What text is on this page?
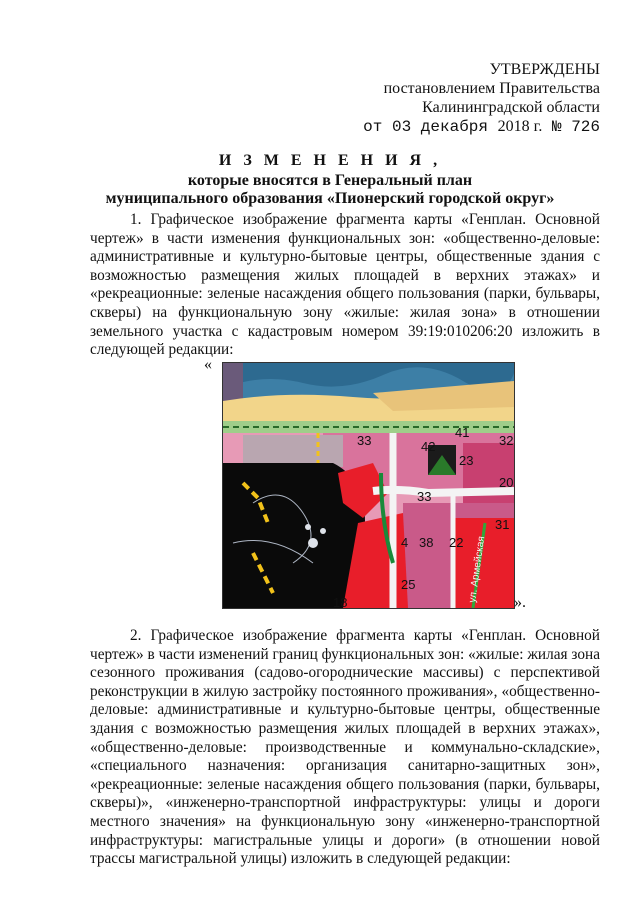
УТВЕРЖДЕНЫ
постановлением Правительства
Калининградской области
от 03 декабря 2018 г. № 726
И З М Е Н Е Н И Я ,
которые вносятся в Генеральный план
муниципального образования «Пионерский городской округ»
1. Графическое изображение фрагмента карты «Генплан. Основной чертеж» в части изменения функциональных зон: «общественно-деловые: административные и культурно-бытовые центры, общественные здания с возможностью размещения жилых площадей в верхних этажах» и «рекреационные: зеленые насаждения общего пользования (парки, бульвары, скверы) на функциональную зону «жилые: жилая зона» в отношении земельного участка с кадастровым номером 39:19:010206:20 изложить в следующей редакции:
«
33	42
41
23
33
4 38 22
25
18
31
20
32
ул. Армейская ».
2. Графическое изображение фрагмента карты «Генплан. Основной чертеж» в части изменений границ функциональных зон: «жилые: жилая зона сезонного проживания (садово-огороднические массивы) с перспективой реконструкции в жилую застройку постоянного проживания», «общественно-деловые: административные и культурно-бытовые центры, общественные здания с возможностью размещения жилых площадей в верхних этажах», «общественно-деловые: производственные и коммунально-складские», «специального назначения: организация санитарно-защитных зон», «рекреационные: зеленые насаждения общего пользования (парки, бульвары, скверы)», «инженерно-транспортной инфраструктуры: улицы и дороги местного значения» на функциональную зону «инженерно-транспортной инфраструктуры: магистральные улицы и дороги» (в отношении новой трассы магистральной улицы) изложить в следующей редакции:
